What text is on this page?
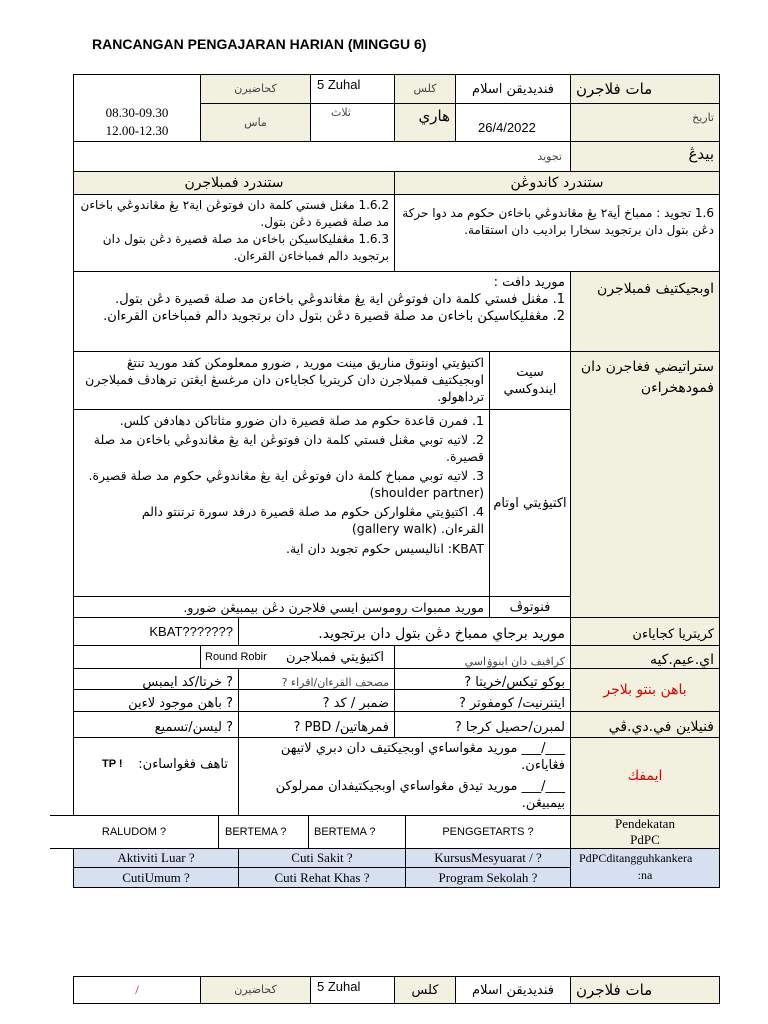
RANCANGAN PENGAJARAN HARIAN (MINGGU 6)
مات فلاجرن
فنديديقن اسلام
کلس
5 Zuhal
کحاضيرن
08.30-09.30
12.00-12.30
تاريخ
26/4/2022
هاري
ثلاث
ماس
بيدڠ
تجويد
ستندرد کاندوڠن
ستندرد فمبلاجرن

1.6 تجويد : ممباخ أية٢ يڠ مڠاندوڠي باخاءن حکوم مد دوا حرکة دڠن بتول دان برتجويد سخارا براديب دان استقامة.

1.6.2 مڠنل فستي کلمة دان فوتوڠن اية٢ يڠ مڠاندوڠي باخاءن مد صلة قصيرة دڠن بتول.

1.6.3 مڠفليکاسيکن باخاءن مد صلة قصيرة دڠن بتول دان برتجويد دالم فمباخاءن القرءان.

اوبجيکتيف فمبلاجرن

موريد دافت :

1. مڠنل فستي کلمة دان فوتوڠن اية يڠ مڠاندوڠي باخاءن مد صلة قصيرة دڠن بتول.

2. مڠفليکاسيکن باخاءن مد صلة قصيرة دڠن بتول دان برتجويد دالم فمباخاءن القرءان.

ستراتيضي فغاجرن دان فمودهخراءن
سيت ايندوکسي

اکتيۏيتي اونتوق مناريق مينت موريد , ضورو ممعلومکن کفد موريد تنتڠ اوبجيکتيف فمبلاجرن دان کريتريا کجاياءن دان مرغسڠ ايڠتن ترهادڤ فمبلاجرن ترداهولو.

اکتيۏيتي اوتام

1. فمرن قاعدة حکوم مد صلة قصيرة دان ضورو مثاتاکن دهادفن کلس.

2. لاتيه توبي مڠنل فستي کلمة دان فوتوڠن اية يڠ مڠاندوڠي باخاءن مد صلة قصيرة.

3. لاتيه توبي ممباخ کلمة دان فوتوڠن اية يڠ مڠاندوڠي حکوم مد صلة قصيرة.(shoulder partner)

4. اکتيۏيتي مڠلواركن حکوم مد صلة قصيرة درفد سورة ترتنتو دالم

القرءان. (gallery walk)

KBAT: اناليسيس حکوم تجويد دان اية.

فنوتوڤ

موريد ممبوات روموسن ايسي فلاجرن دڠن بيمبيڠن ضورو.

کريتريا کجاياءن
موريد برجاي ممباخ دڠن بتول دان برتجويد.
KBAT???????
اي.عيم.كيه
كرافيف دان اينوۏاسي
اکتيۏيتي فمبلاجرن
Round Robir
باهن بنتو بلاجر
بوكو تيكس/خريتا ?
مصحف القرءان/اقراء ?
? خرتا/کد ايمبس
ايتنرنيت/ كومفوتر ?
ضمبر / كد ?
? باهن موجود لاءين
فنيلاين في.دي.ڤي
لمبرن/حصيل كرجا ?
فمرهاتين/ PBD ?
? ليسن/تسميع
ايمفك

___/___ موريد مڠواساءي اوبجيكتيف دان دبري لاتيهن فڠاياءن.

___/___ موريد تيدق مڠواساءي اوبجيكتيفدان ممرلوكن بيمبيڠن.

تاهف فڠواساءن:
TP !
Pendekatan
PdPC
PENGGETARTS ?
BERTEMA ?
BERTEMA ?
RALUDOM ?
KursusMesyuarat / ?
Cuti Sakit ?
Aktiviti Luar ?
Program Sekolah ?
Cuti Rehat Khas ?
CutiUmum ?
PdPCditangguhkankera
:na
مات فلاجرن
فنديديقن اسلام
کلس
5 Zuhal
کحاضيرن
/
